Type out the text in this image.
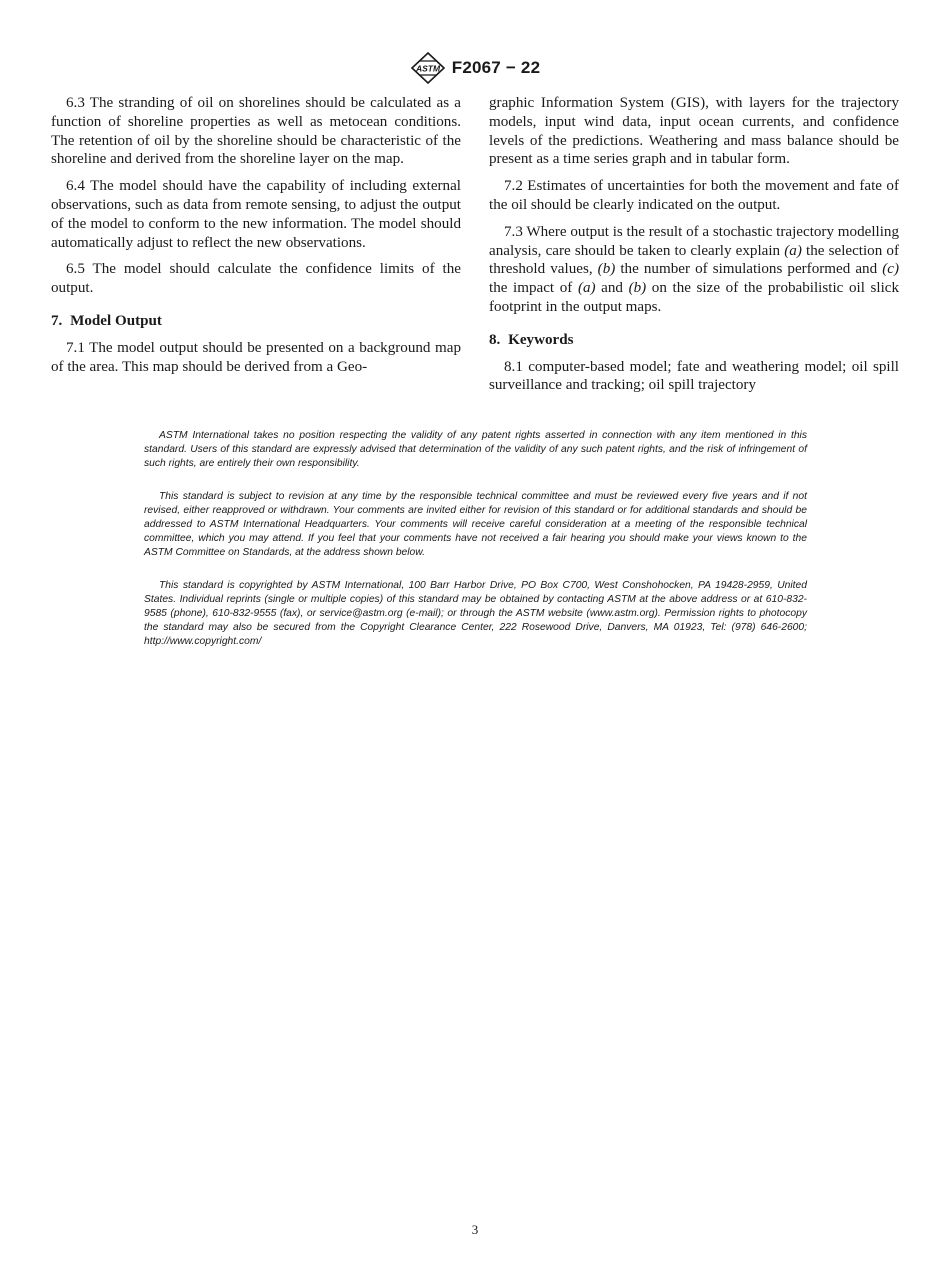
ASTM F2067 − 22

6.3 The stranding of oil on shorelines should be calculated as a function of shoreline properties as well as metocean conditions. The retention of oil by the shoreline should be characteristic of the shoreline and derived from the shoreline layer on the map.

6.4 The model should have the capability of including external observations, such as data from remote sensing, to adjust the output of the model to conform to the new information. The model should automatically adjust to reflect the new observations.

6.5 The model should calculate the confidence limits of the output.

7. Model Output

7.1 The model output should be presented on a background map of the area. This map should be derived from a Geo-

graphic Information System (GIS), with layers for the trajectory models, input wind data, input ocean currents, and confidence levels of the predictions. Weathering and mass balance should be present as a time series graph and in tabular form.

7.2 Estimates of uncertainties for both the movement and fate of the oil should be clearly indicated on the output.

7.3 Where output is the result of a stochastic trajectory modelling analysis, care should be taken to clearly explain (a) the selection of threshold values, (b) the number of simulations performed and (c) the impact of (a) and (b) on the size of the probabilistic oil slick footprint in the output maps.

8. Keywords

8.1 computer-based model; fate and weathering model; oil spill surveillance and tracking; oil spill trajectory

ASTM International takes no position respecting the validity of any patent rights asserted in connection with any item mentioned in this standard. Users of this standard are expressly advised that determination of the validity of any such patent rights, and the risk of infringement of such rights, are entirely their own responsibility.

This standard is subject to revision at any time by the responsible technical committee and must be reviewed every five years and if not revised, either reapproved or withdrawn. Your comments are invited either for revision of this standard or for additional standards and should be addressed to ASTM International Headquarters. Your comments will receive careful consideration at a meeting of the responsible technical committee, which you may attend. If you feel that your comments have not received a fair hearing you should make your views known to the ASTM Committee on Standards, at the address shown below.

This standard is copyrighted by ASTM International, 100 Barr Harbor Drive, PO Box C700, West Conshohocken, PA 19428-2959, United States. Individual reprints (single or multiple copies) of this standard may be obtained by contacting ASTM at the above address or at 610-832-9585 (phone), 610-832-9555 (fax), or service@astm.org (e-mail); or through the ASTM website (www.astm.org). Permission rights to photocopy the standard may also be secured from the Copyright Clearance Center, 222 Rosewood Drive, Danvers, MA 01923, Tel: (978) 646-2600; http://www.copyright.com/

3
